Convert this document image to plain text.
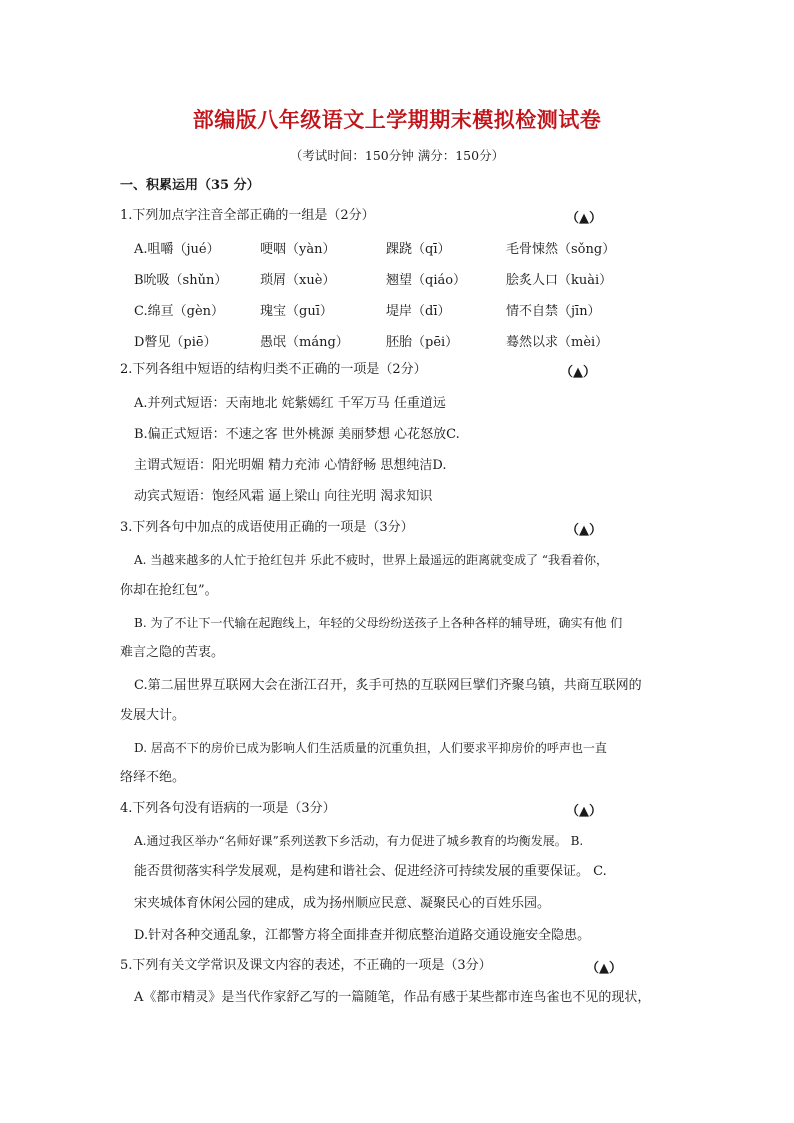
部编版八年级语文上学期期末模拟检测试卷
（考试时间：150分钟 满分：150分）
一、积累运用（35 分）
1.下列加点字注音全部正确的一组是（2分）	（▲）
A.咀嚼（jué）	哽咽（yàn）	踝跷（qī）	毛骨悚然（sǒng）
B吮吸（shǔn）	琐屑（xuè）	翘望（qiáo）	脍炙人口（kuài）
C.绵亘（gèn）	瑰宝（guī）	堤岸（dī）	情不自禁（jīn）
D瞥见（piē）	愚氓（máng）	胚胎（pēi）	蓦然以求（mèi）
2.下列各组中短语的结构归类不正确的一项是（2分）	（▲）
A.并列式短语：天南地北 姹紫嫣红 千军万马 任重道远
B.偏正式短语：不速之客 世外桃源 美丽梦想 心花怒放C.
主谓式短语：阳光明媚 精力充沛 心情舒畅 思想纯洁D.
动宾式短语：饱经风霜 逼上梁山 向往光明 渴求知识
3.下列各句中加点的成语使用正确的一项是（3分）	（▲）
A. 当越来越多的人忙于抢红包并 乐此不疲时，世界上最遥远的距离就变成了 “我看着你，
你却在抢红包”。
B. 为了不让下一代输在起跑线上，年轻的父母纷纷送孩子上各种各样的辅导班，确实有他 们
难言之隐的苦衷。
C.第二届世界互联网大会在浙江召开，炙手可热的互联网巨擘们齐聚乌镇，共商互联网的
发展大计。
D. 居高不下的房价已成为影响人们生活质量的沉重负担，人们要求平抑房价的呼声也一直
络绎不绝。
4.下列各句没有语病的一项是（3分）	（▲）
A.通过我区举办“名师好课”系列送教下乡活动，有力促进了城乡教育的均衡发展。 B.
能否贯彻落实科学发展观，是构建和谐社会、促进经济可持续发展的重要保证。 C.
宋夹城体育休闲公园的建成，成为扬州顺应民意、凝聚民心的百姓乐园。
D.针对各种交通乱象，江都警方将全面排查并彻底整治道路交通设施安全隐患。
5.下列有关文学常识及课文内容的表述，不正确的一项是（3分）	（▲）
A《都市精灵》是当代作家舒乙写的一篇随笔，作品有感于某些都市连鸟雀也不见的现状，
